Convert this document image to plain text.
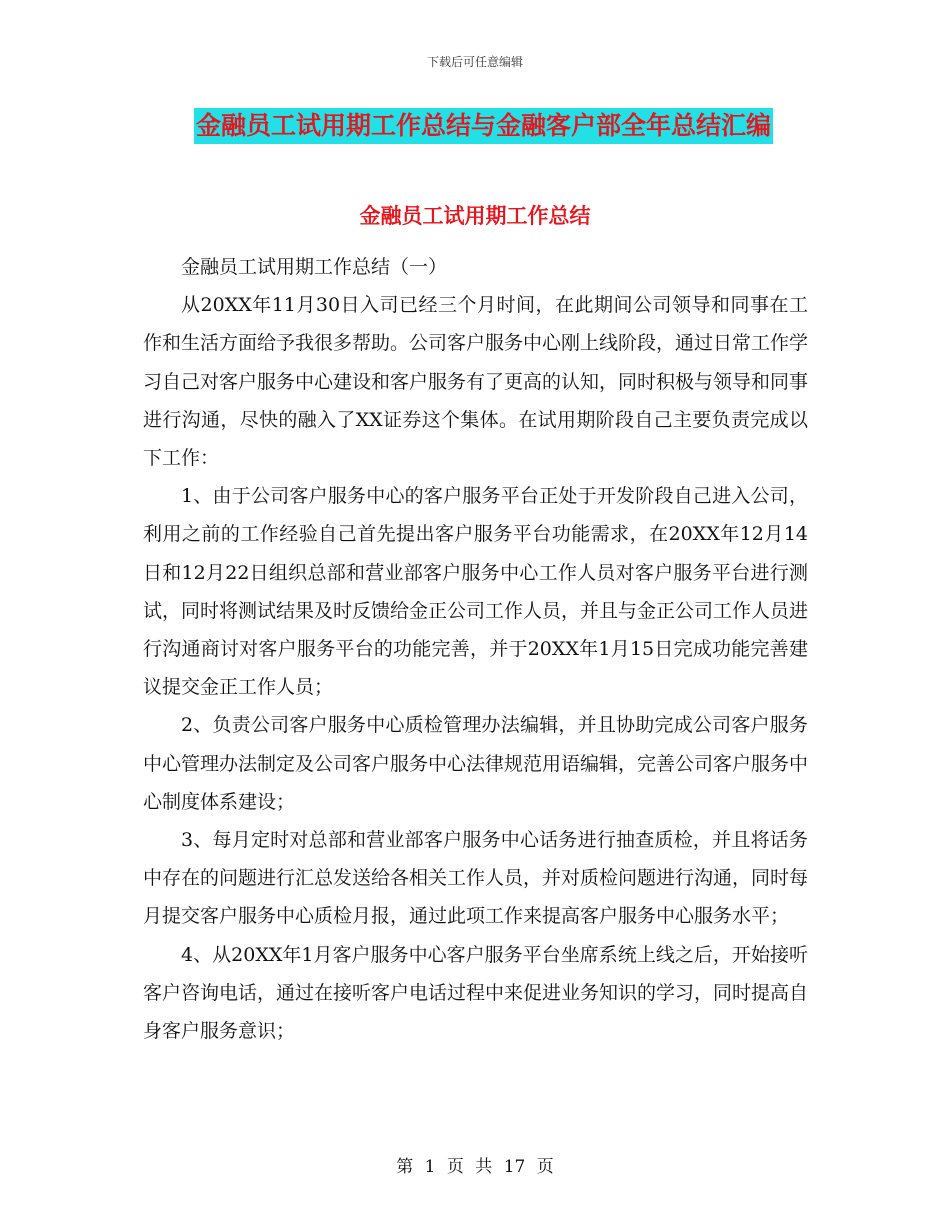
下载后可任意编辑
金融员工试用期工作总结与金融客户部全年总结汇编
金融员工试用期工作总结

金融员工试用期工作总结（一）

从20XX年11月30日入司已经三个月时间，在此期间公司领导和同事在工作和生活方面给予我很多帮助。公司客户服务中心刚上线阶段，通过日常工作学习自己对客户服务中心建设和客户服务有了更高的认知，同时积极与领导和同事进行沟通，尽快的融入了XX证券这个集体。在试用期阶段自己主要负责完成以下工作：

1、由于公司客户服务中心的客户服务平台正处于开发阶段自己进入公司，利用之前的工作经验自己首先提出客户服务平台功能需求，在20XX年12月14日和12月22日组织总部和营业部客户服务中心工作人员对客户服务平台进行测试，同时将测试结果及时反馈给金正公司工作人员，并且与金正公司工作人员进行沟通商讨对客户服务平台的功能完善，并于20XX年1月15日完成功能完善建议提交金正工作人员；

2、负责公司客户服务中心质检管理办法编辑，并且协助完成公司客户服务中心管理办法制定及公司客户服务中心法律规范用语编辑，完善公司客户服务中心制度体系建设；

3、每月定时对总部和营业部客户服务中心话务进行抽查质检，并且将话务中存在的问题进行汇总发送给各相关工作人员，并对质检问题进行沟通，同时每月提交客户服务中心质检月报，通过此项工作来提高客户服务中心服务水平；

4、从20XX年1月客户服务中心客户服务平台坐席系统上线之后，开始接听客户咨询电话，通过在接听客户电话过程中来促进业务知识的学习，同时提高自身客户服务意识；

第 1 页 共 17 页
